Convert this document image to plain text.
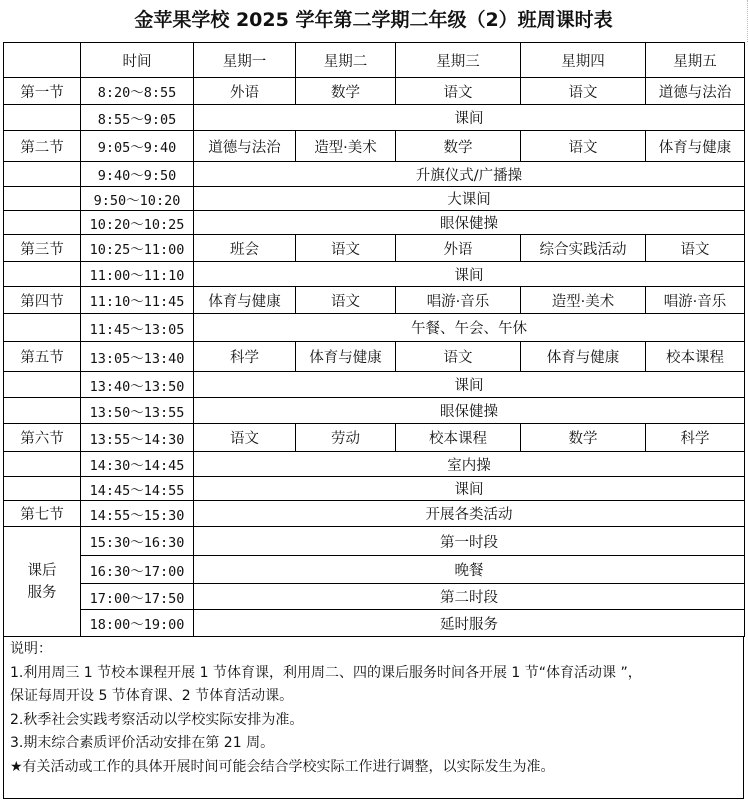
金苹果学校 2025 学年第二学期二年级（2）班周课时表
	时间	星期一	星期二	星期三	星期四	星期五
第一节	8:20～8:55	外语	数学	语文	语文	道德与法治
	8:55～9:05	课间				
第二节	9:05～9:40	道德与法治	造型·美术	数学	语文	体育与健康
	9:40～9:50	升旗仪式/广播操				
	9:50～10:20	大课间				
	10:20～10:25	眼保健操				
第三节	10:25～11:00	班会	语文	外语	综合实践活动	语文
	11:00～11:10	课间				
第四节	11:10～11:45	体育与健康	语文	唱游·音乐	造型·美术	唱游·音乐
	11:45～13:05	午餐、午会、午休				
第五节	13:05～13:40	科学	体育与健康	语文	体育与健康	校本课程
	13:40～13:50	课间				
	13:50～13:55	眼保健操				
第六节	13:55～14:30	语文	劳动	校本课程	数学	科学
	14:30～14:45	室内操				
	14:45～14:55	课间				
第七节	14:55～15:30	开展各类活动				

课后
服务	15:30～16:30	第一时段				
	16:30～17:00	晚餐				
	17:00～17:50	第二时段				
	18:00～19:00	延时服务				
说明：
1.利用周三 1 节校本课程开展 1 节体育课，利用周二、四的课后服务时间各开展 1 节“体育活动课 ”，
保证每周开设 5 节体育课、2 节体育活动课。
2.秋季社会实践考察活动以学校实际安排为准。
3.期末综合素质评价活动安排在第 21 周。
★有关活动或工作的具体开展时间可能会结合学校实际工作进行调整，以实际发生为准。
